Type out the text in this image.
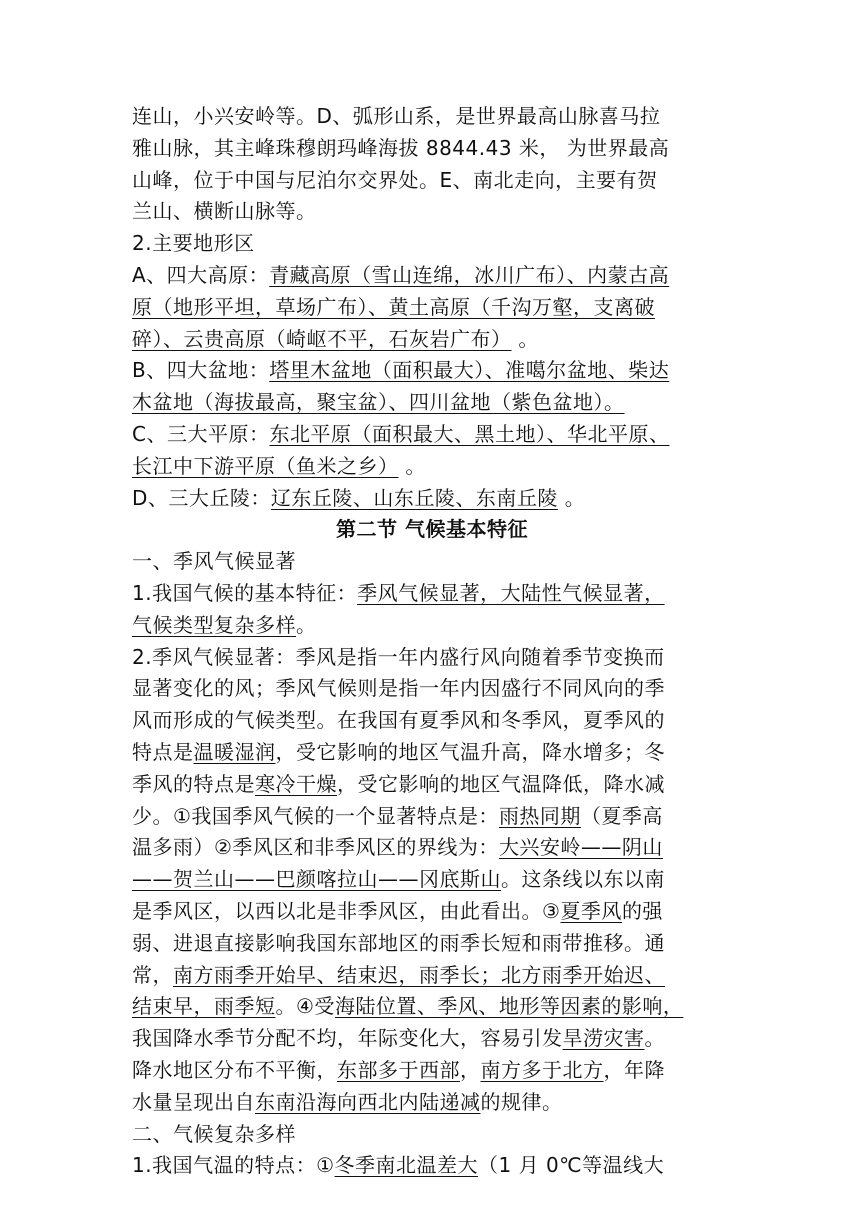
连山，小兴安岭等。D、弧形山系，是世界最高山脉喜马拉
雅山脉，其主峰珠穆朗玛峰海拔 8844.43 米， 为世界最高
山峰，位于中国与尼泊尔交界处。E、南北走向，主要有贺
兰山、横断山脉等。
2.主要地形区
A、四大高原：青藏高原（雪山连绵，冰川广布）、内蒙古高
原（地形平坦，草场广布）、黄土高原（千沟万壑，支离破
碎）、云贵高原（崎岖不平，石灰岩广布） 。
B、四大盆地：塔里木盆地（面积最大）、准噶尔盆地、柴达
木盆地（海拔最高，聚宝盆）、四川盆地（紫色盆地）。
C、三大平原：东北平原（面积最大、黑土地）、华北平原、
长江中下游平原（鱼米之乡） 。
D、三大丘陵：辽东丘陵、山东丘陵、东南丘陵 。
第二节 气候基本特征
一、季风气候显著
1.我国气候的基本特征：季风气候显著，大陆性气候显著，
气候类型复杂多样。
2.季风气候显著：季风是指一年内盛行风向随着季节变换而
显著变化的风；季风气候则是指一年内因盛行不同风向的季
风而形成的气候类型。在我国有夏季风和冬季风，夏季风的
特点是温暖湿润，受它影响的地区气温升高，降水增多；冬
季风的特点是寒冷干燥，受它影响的地区气温降低，降水减
少。①我国季风气候的一个显著特点是：雨热同期（夏季高
温多雨）②季风区和非季风区的界线为：大兴安岭——阴山
——贺兰山——巴颜喀拉山——冈底斯山。这条线以东以南
是季风区，以西以北是非季风区，由此看出。③夏季风的强
弱、进退直接影响我国东部地区的雨季长短和雨带推移。通
常，南方雨季开始早、结束迟，雨季长；北方雨季开始迟、
结束早，雨季短。④受海陆位置、季风、地形等因素的影响，
我国降水季节分配不均，年际变化大，容易引发旱涝灾害。
降水地区分布不平衡，东部多于西部，南方多于北方，年降
水量呈现出自东南沿海向西北内陆递减的规律。
二、气候复杂多样
1.我国气温的特点：①冬季南北温差大（1 月 0℃等温线大
